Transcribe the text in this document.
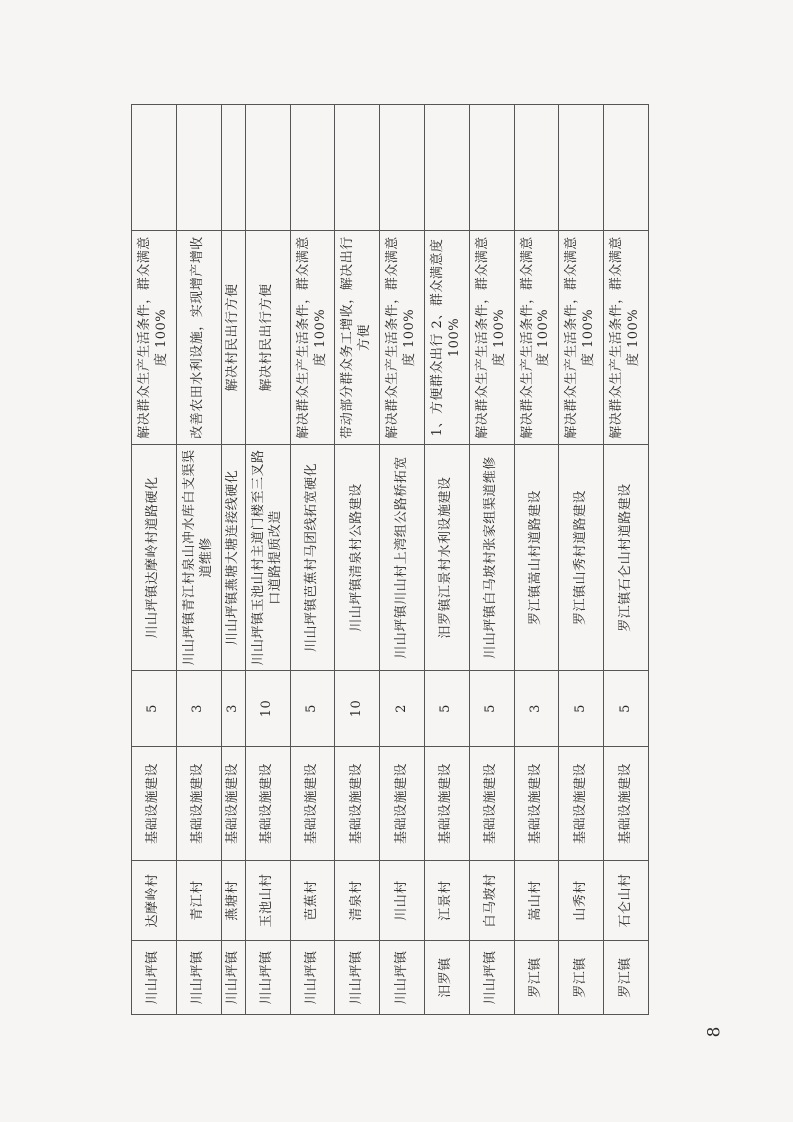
川山坪镇	达摩岭村	基础设施建设	5	川山坪镇达摩岭村道路硬化	解决群众生产生活条件，群众满意度 100%	
川山坪镇	青江村	基础设施建设	3	川山坪镇青江村泉山冲水库白支渠渠道维修	改善农田水利设施，实现增产增收	
川山坪镇	燕塘村	基础设施建设	3	川山坪镇燕塘大塘连接线硬化	解决村民出行方便	
川山坪镇	玉池山村	基础设施建设	10	川山坪镇玉池山村主道门楼至三叉路口道路提质改造	解决村民出行方便	
川山坪镇	芭蕉村	基础设施建设	5	川山坪镇芭蕉村马团线拓宽硬化	解决群众生产生活条件，群众满意度 100%	
川山坪镇	清泉村	基础设施建设	10	川山坪镇清泉村公路建设	带动部分群众务工增收，解决出行方便	
川山坪镇	川山村	基础设施建设	2	川山坪镇川山村上湾组公路桥拓宽	解决群众生产生活条件，群众满意度 100%	
汨罗镇	江景村	基础设施建设	5	汨罗镇江景村水利设施建设	1、方便群众出行 2、群众满意度 100%	
川山坪镇	白马坡村	基础设施建设	5	川山坪镇白马坡村张家组渠道维修	解决群众生产生活条件，群众满意度 100%	
罗江镇	嵩山村	基础设施建设	3	罗江镇嵩山村道路建设	解决群众生产生活条件，群众满意度 100%	
罗江镇	山秀村	基础设施建设	5	罗江镇山秀村道路建设	解决群众生产生活条件，群众满意度 100%	
罗江镇	石仑山村	基础设施建设	5	罗江镇石仑山村道路建设	解决群众生产生活条件，群众满意度 100%	
8
